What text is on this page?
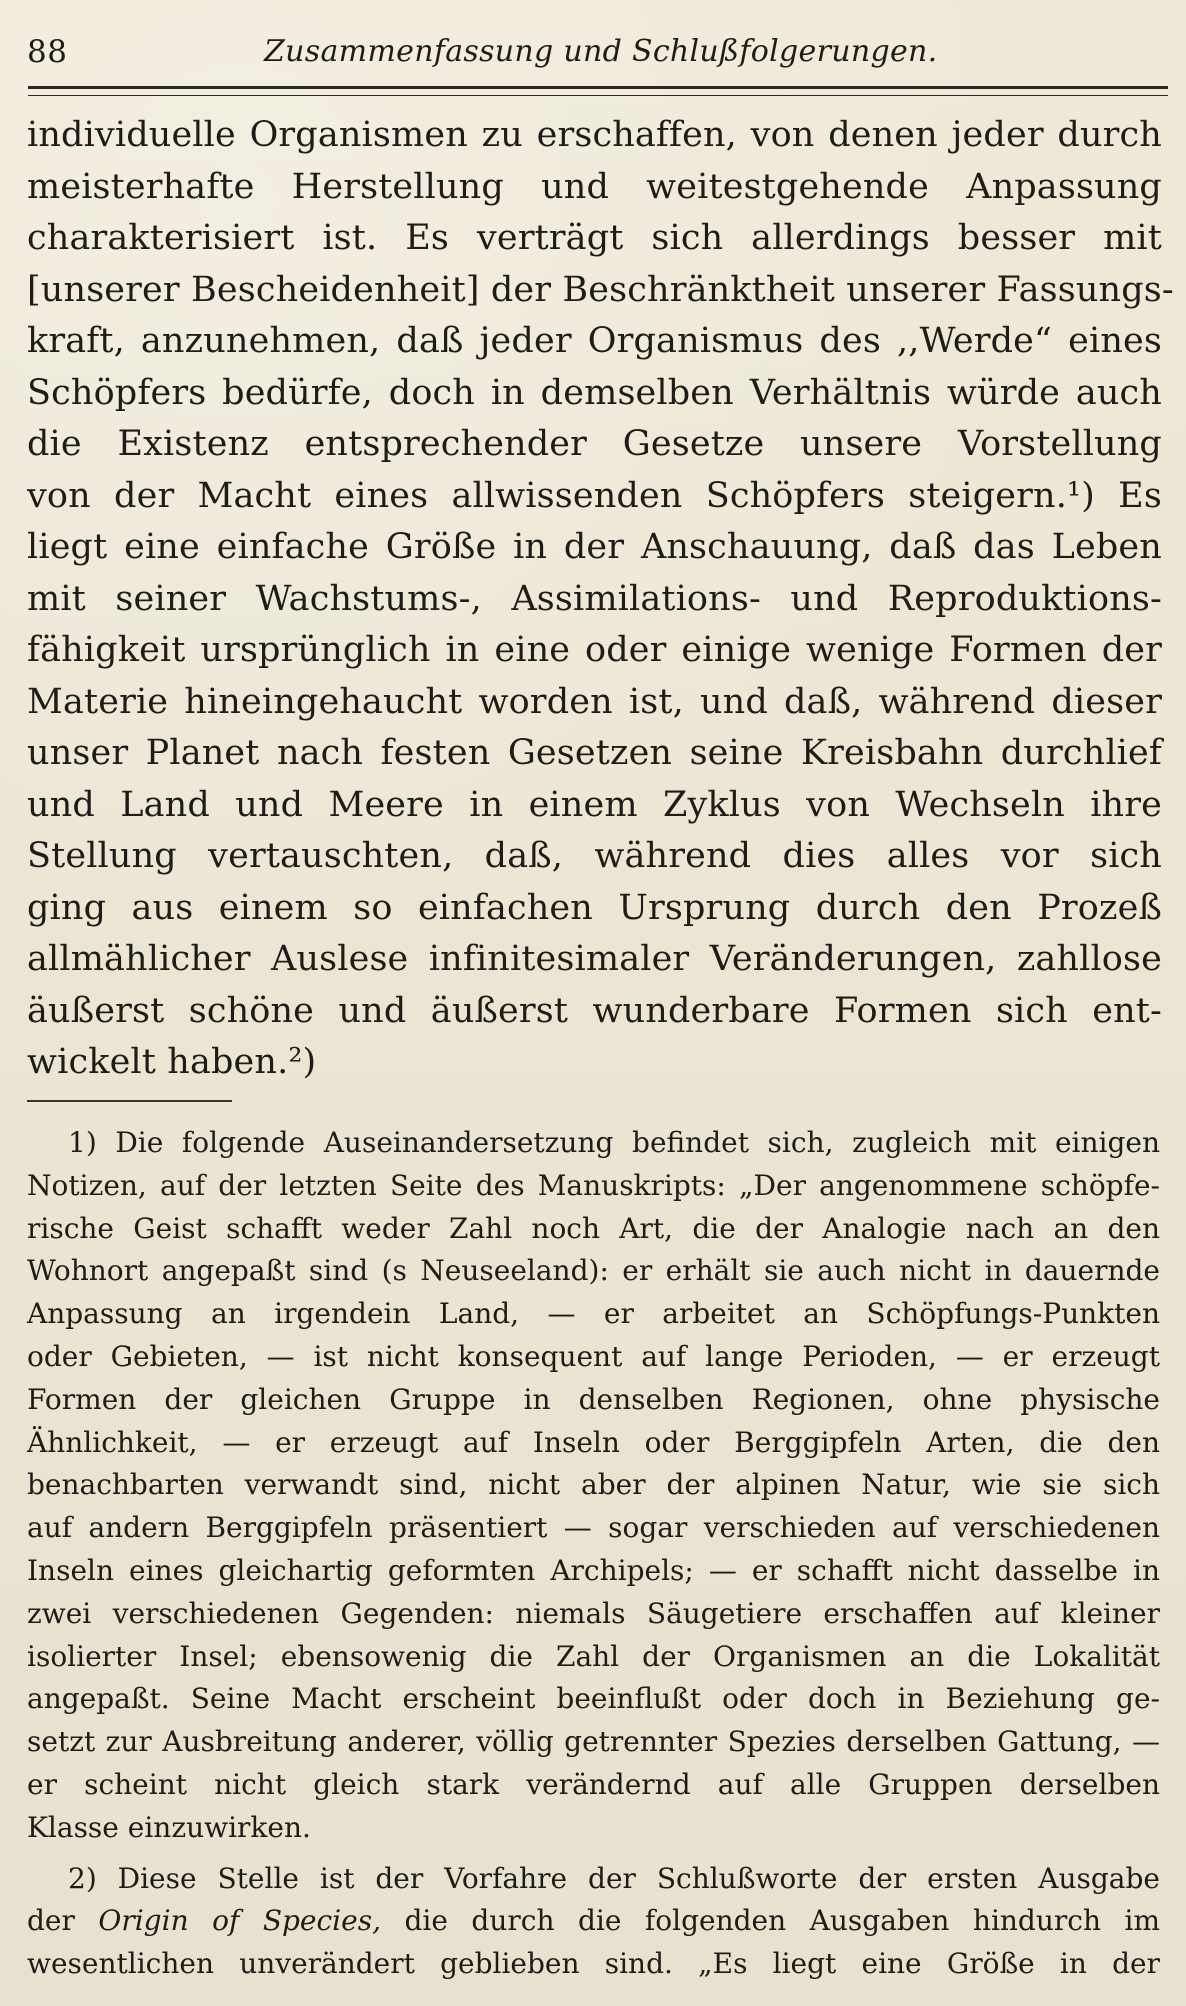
88	Zusammenfassung und Schlußfolgerungen.
individuelle Organismen zu erschaffen, von denen jeder durch
meisterhafte Herstellung und weitestgehende Anpassung
charakterisiert ist. Es verträgt sich allerdings besser mit
[unserer Bescheidenheit] der Beschränktheit unserer Fassungs-
kraft, anzunehmen, daß jeder Organismus des ,,Werde“ eines
Schöpfers bedürfe, doch in demselben Verhältnis würde auch
die Existenz entsprechender Gesetze unsere Vorstellung
von der Macht eines allwissenden Schöpfers steigern.¹) Es
liegt eine einfache Größe in der Anschauung, daß das Leben
mit seiner Wachstums-, Assimilations- und Reproduktions-
fähigkeit ursprünglich in eine oder einige wenige Formen der
Materie hineingehaucht worden ist, und daß, während dieser
unser Planet nach festen Gesetzen seine Kreisbahn durchlief
und Land und Meere in einem Zyklus von Wechseln ihre
Stellung vertauschten, daß, während dies alles vor sich
ging aus einem so einfachen Ursprung durch den Prozeß
allmählicher Auslese infinitesimaler Veränderungen, zahllose
äußerst schöne und äußerst wunderbare Formen sich ent-
wickelt haben.²)
1) Die folgende Auseinandersetzung befindet sich, zugleich mit einigen
Notizen, auf der letzten Seite des Manuskripts: „Der angenommene schöpfe-
rische Geist schafft weder Zahl noch Art, die der Analogie nach an den
Wohnort angepaßt sind (s Neuseeland): er erhält sie auch nicht in dauernde
Anpassung an irgendein Land, — er arbeitet an Schöpfungs-Punkten
oder Gebieten, — ist nicht konsequent auf lange Perioden, — er erzeugt
Formen der gleichen Gruppe in denselben Regionen, ohne physische
Ähnlichkeit, — er erzeugt auf Inseln oder Berggipfeln Arten, die den
benachbarten verwandt sind, nicht aber der alpinen Natur, wie sie sich
auf andern Berggipfeln präsentiert — sogar verschieden auf verschiedenen
Inseln eines gleichartig geformten Archipels; — er schafft nicht dasselbe in
zwei verschiedenen Gegenden: niemals Säugetiere erschaffen auf kleiner
isolierter Insel; ebensowenig die Zahl der Organismen an die Lokalität
angepaßt. Seine Macht erscheint beeinflußt oder doch in Beziehung ge-
setzt zur Ausbreitung anderer, völlig getrennter Spezies derselben Gattung, —
er scheint nicht gleich stark verändernd auf alle Gruppen derselben
Klasse einzuwirken.
2) Diese Stelle ist der Vorfahre der Schlußworte der ersten Ausgabe
der Origin of Species, die durch die folgenden Ausgaben hindurch im
wesentlichen unverändert geblieben sind. „Es liegt eine Größe in der
